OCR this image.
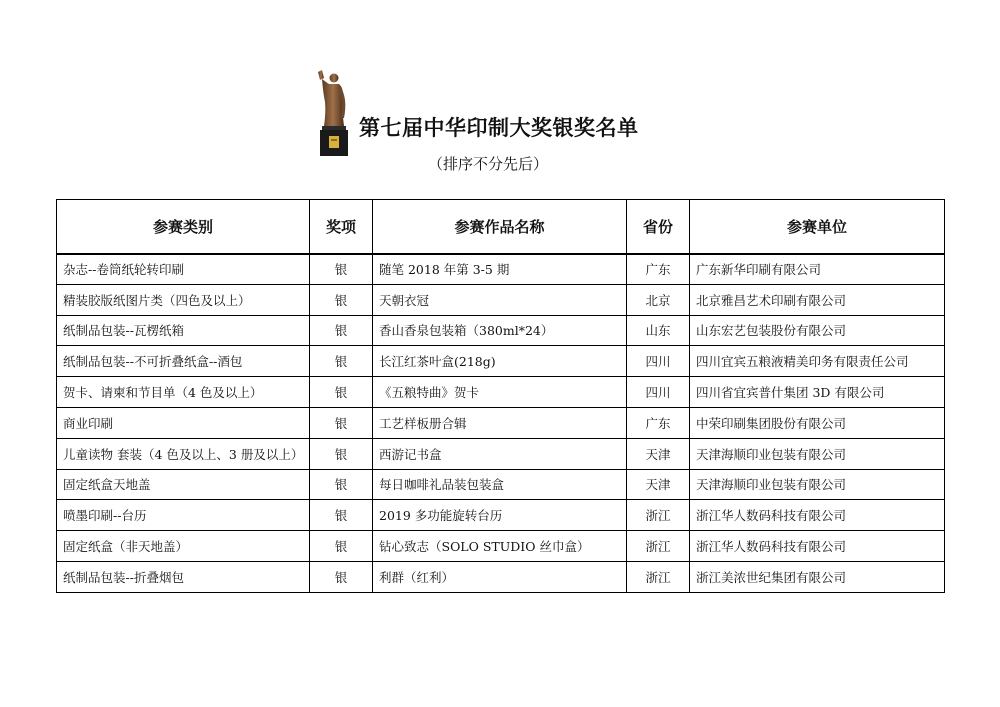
第七届中华印制大奖银奖名单
（排序不分先后）
参赛类别	奖项	参赛作品名称	省份	参赛单位
杂志--卷筒纸轮转印刷	银	随笔 2018 年第 3-5 期	广东	广东新华印刷有限公司
精装胶版纸图片类（四色及以上）	银	天朝衣冠	北京	北京雅昌艺术印刷有限公司
纸制品包装--瓦楞纸箱	银	香山香泉包装箱（380ml*24）	山东	山东宏艺包装股份有限公司
纸制品包装--不可折叠纸盒--酒包	银	长江红茶叶盒(218g)	四川	四川宜宾五粮液精美印务有限责任公司
贺卡、请柬和节目单（4 色及以上）	银	《五粮特曲》贺卡	四川	四川省宜宾普什集团 3D 有限公司
商业印刷	银	工艺样板册合辑	广东	中荣印刷集团股份有限公司
儿童读物 套装（4 色及以上、3 册及以上）	银	西游记书盒	天津	天津海顺印业包装有限公司
固定纸盒天地盖	银	每日咖啡礼品装包装盒	天津	天津海顺印业包装有限公司
喷墨印刷--台历	银	2019 多功能旋转台历	浙江	浙江华人数码科技有限公司
固定纸盒（非天地盖）	银	钻心致志（SOLO STUDIO 丝巾盒）	浙江	浙江华人数码科技有限公司
纸制品包装--折叠烟包	银	利群（红利）	浙江	浙江美浓世纪集团有限公司
